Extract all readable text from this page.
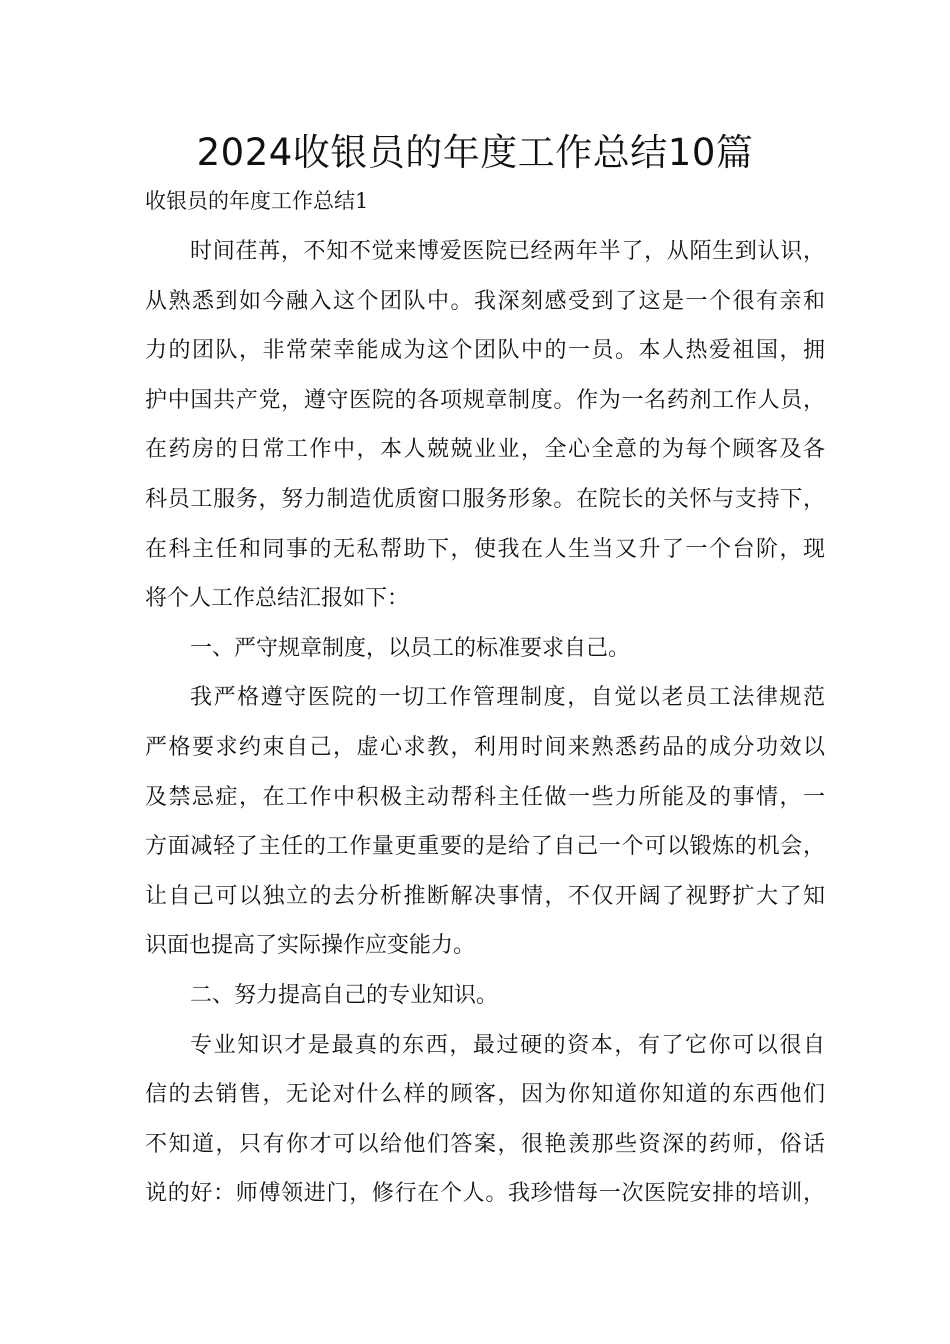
2024收银员的年度工作总结10篇

收银员的年度工作总结1

时间荏苒，不知不觉来博爱医院已经两年半了，从陌生到认识，

从熟悉到如今融入这个团队中。我深刻感受到了这是一个很有亲和

力的团队，非常荣幸能成为这个团队中的一员。本人热爱祖国，拥

护中国共产党，遵守医院的各项规章制度。作为一名药剂工作人员，

在药房的日常工作中，本人兢兢业业，全心全意的为每个顾客及各

科员工服务，努力制造优质窗口服务形象。在院长的关怀与支持下，

在科主任和同事的无私帮助下，使我在人生当又升了一个台阶，现

将个人工作总结汇报如下：

一、严守规章制度，以员工的标准要求自己。

我严格遵守医院的一切工作管理制度，自觉以老员工法律规范

严格要求约束自己，虚心求教，利用时间来熟悉药品的成分功效以

及禁忌症，在工作中积极主动帮科主任做一些力所能及的事情，一

方面减轻了主任的工作量更重要的是给了自己一个可以锻炼的机会，

让自己可以独立的去分析推断解决事情，不仅开阔了视野扩大了知

识面也提高了实际操作应变能力。

二、努力提高自己的专业知识。

专业知识才是最真的东西，最过硬的资本，有了它你可以很自

信的去销售，无论对什么样的顾客，因为你知道你知道的东西他们

不知道，只有你才可以给他们答案，很艳羡那些资深的药师，俗话

说的好：师傅领进门，修行在个人。我珍惜每一次医院安排的培训，
